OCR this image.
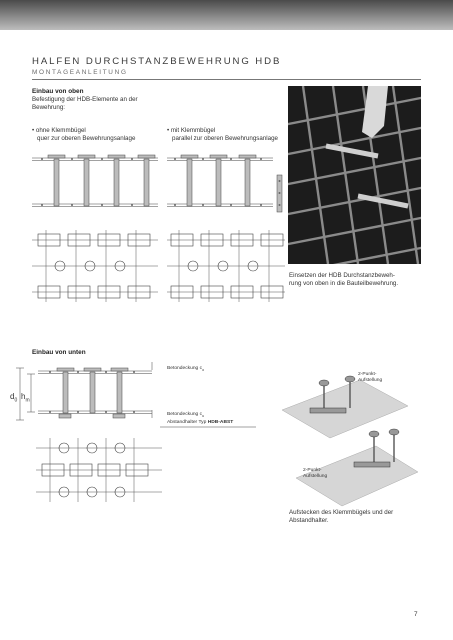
HALFEN DURCHSTANZBEWEHRUNG HDB
MONTAGEANLEITUNG
Einbau von oben
Befestigung der HDB-Elemente an der
Bewehrung:
• ohne Klemmbügel
quer zur oberen Bewehrungsanlage
• mit Klemmbügel
parallel zur oberen Bewehrungsanlage
Einsetzen der HDB Durchstanzbeweh-
rung von oben in die Bauteilbewehrung.
Einbau von unten
$d_0$ $h_m$
Betondeckung $c_o$
Betondeckung $c_u$
Abstandhalter Typ HDB-ABST
2-Punkt-
Aufstellung
2-Punkt-
Aufstellung
Aufstecken des Klemmbügels und der
Abstandhalter.
7
